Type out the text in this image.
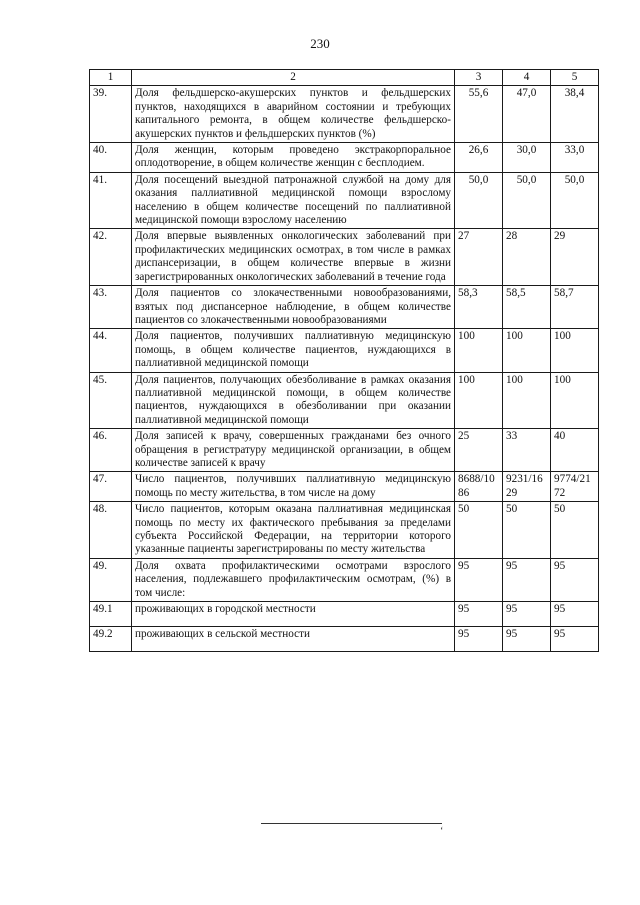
230
1	2	3	4	5
39.	Доля фельдшерско-акушерских пунктов и фельдшерских пунктов, находящихся в аварийном состоянии и требующих капитального ремонта, в общем количестве фельдшерско-акушерских пунктов и фельдшерских пунктов (%)	55,6	47,0	38,4
40.	Доля женщин, которым проведено экстракорпоральное оплодотворение, в общем количестве женщин с бесплодием.	26,6	30,0	33,0
41.	Доля посещений выездной патронажной службой на дому для оказания паллиативной медицинской помощи взрослому населению в общем количестве посещений по паллиативной медицинской помощи взрослому населению	50,0	50,0	50,0
42.	Доля впервые выявленных онкологических заболеваний при профилактических медицинских осмотрах, в том числе в рамках диспансеризации, в общем количестве впервые в жизни зарегистрированных онкологических заболеваний в течение года	27	28	29
43.	Доля пациентов со злокачественными новообразованиями, взятых под диспансерное наблюдение, в общем количестве пациентов со злокачественными новообразованиями	58,3	58,5	58,7
44.	Доля пациентов, получивших паллиативную медицинскую помощь, в общем количестве пациентов, нуждающихся в паллиативной медицинской помощи	100	100	100
45.	Доля пациентов, получающих обезболивание в рамках оказания паллиативной медицинской помощи, в общем количестве пациентов, нуждающихся в обезболивании при оказании паллиативной медицинской помощи	100	100	100
46.	Доля записей к врачу, совершенных гражданами без очного обращения в регистратуру медицинской организации, в общем количестве записей к врачу	25	33	40
47.	Число пациентов, получивших паллиативную медицинскую помощь по месту жительства, в том числе на дому	8688/1086	9231/1629	9774/2172
48.	Число пациентов, которым оказана паллиативная медицинская помощь по месту их фактического пребывания за пределами субъекта Российской Федерации, на территории которого указанные пациенты зарегистрированы по месту жительства	50	50	50
49.	Доля охвата профилактическими осмотрами взрослого населения, подлежавшего профилактическим осмотрам, (%) в том числе:	95	95	95
49.1	проживающих в городской местности	95	95	95
49.2	проживающих в сельской местности	95	95	95
‘
